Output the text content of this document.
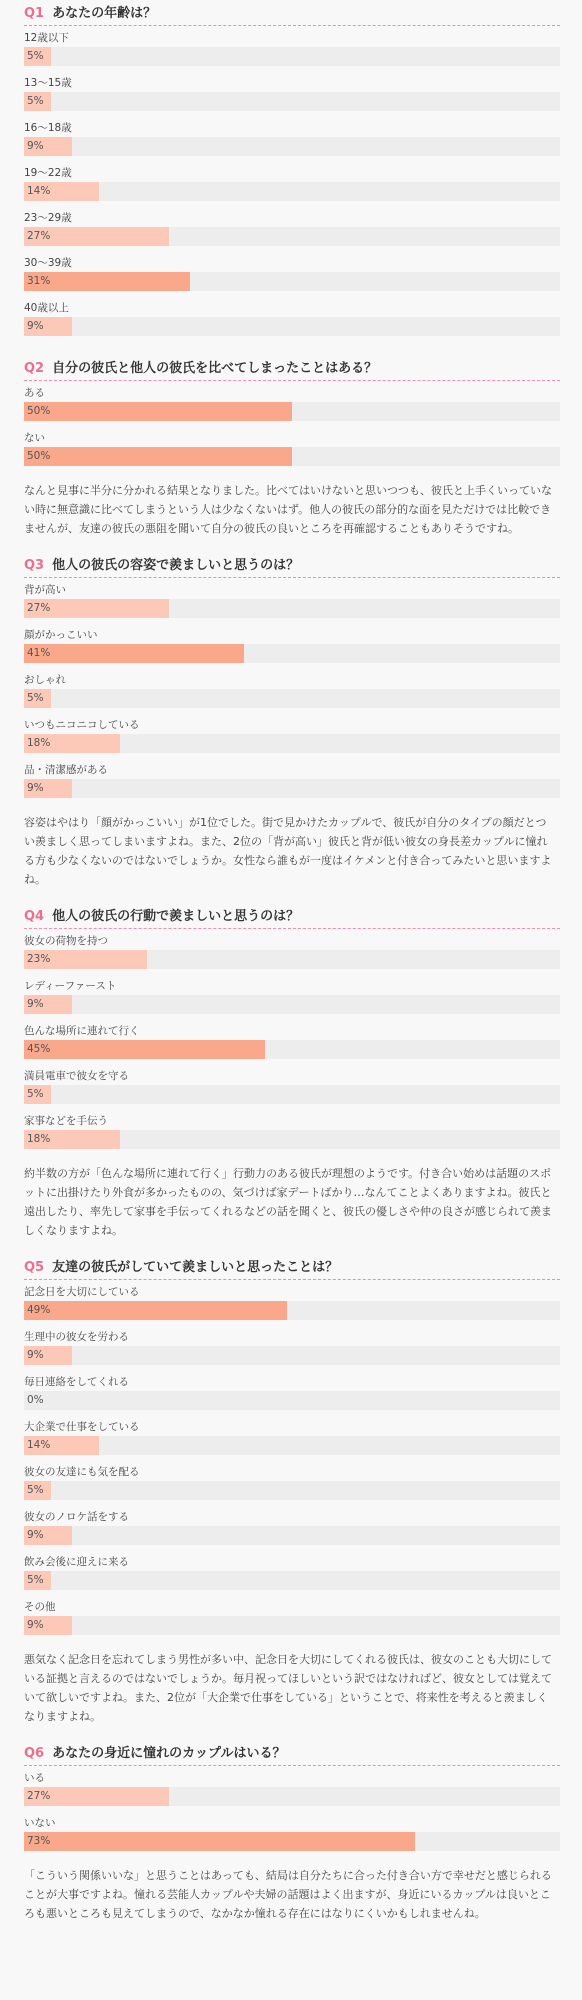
Q1 あなたの年齢は？
12歳以下
5%
13～15歳
5%
16～18歳
9%
19～22歳
14%
23～29歳
27%
30～39歳
31%
40歳以上
9%
Q2 自分の彼氏と他人の彼氏を比べてしまったことはある？
ある
50%
ない
50%

なんと見事に半分に分かれる結果となりました。比べてはいけないと思いつつも、彼氏と上手くいっていない時に無意識に比べてしまうという人は少なくないはず。他人の彼氏の部分的な面を見ただけでは比較できませんが、友達の彼氏の悪阻を聞いて自分の彼氏の良いところを再確認することもありそうですね。

Q3 他人の彼氏の容姿で羨ましいと思うのは？
背が高い
27%
顔がかっこいい
41%
おしゃれ
5%
いつもニコニコしている
18%
品・清潔感がある
9%

容姿はやはり「顔がかっこいい」が1位でした。街で見かけたカップルで、彼氏が自分のタイプの顔だとつい羨ましく思ってしまいますよね。また、2位の「背が高い」彼氏と背が低い彼女の身長差カップルに憧れる方も少なくないのではないでしょうか。女性なら誰もが一度はイケメンと付き合ってみたいと思いますよね。

Q4 他人の彼氏の行動で羨ましいと思うのは？
彼女の荷物を持つ
23%
レディーファースト
9%
色んな場所に連れて行く
45%
満員電車で彼女を守る
5%
家事などを手伝う
18%

約半数の方が「色んな場所に連れて行く」行動力のある彼氏が理想のようです。付き合い始めは話題のスポットに出掛けたり外食が多かったものの、気づけば家デートばかり…なんてことよくありますよね。彼氏と遠出したり、率先して家事を手伝ってくれるなどの話を聞くと、彼氏の優しさや仲の良さが感じられて羨ましくなりますよね。

Q5 友達の彼氏がしていて羨ましいと思ったことは？
記念日を大切にしている
49%
生理中の彼女を労わる
9%
毎日連絡をしてくれる
0%
大企業で仕事をしている
14%
彼女の友達にも気を配る
5%
彼女のノロケ話をする
9%
飲み会後に迎えに来る
5%
その他
9%

悪気なく記念日を忘れてしまう男性が多い中、記念日を大切にしてくれる彼氏は、彼女のことも大切にしている証拠と言えるのではないでしょうか。毎月祝ってほしいという訳ではなければど、彼女としては覚えていて欲しいですよね。また、2位が「大企業で仕事をしている」ということで、将来性を考えると羨ましくなりますよね。

Q6 あなたの身近に憧れのカップルはいる？
いる
27%
いない
73%

「こういう関係いいな」と思うことはあっても、結局は自分たちに合った付き合い方で幸せだと感じられることが大事ですよね。憧れる芸能人カップルや夫婦の話題はよく出ますが、身近にいるカップルは良いところも悪いところも見えてしまうので、なかなか憧れる存在にはなりにくいかもしれませんね。
